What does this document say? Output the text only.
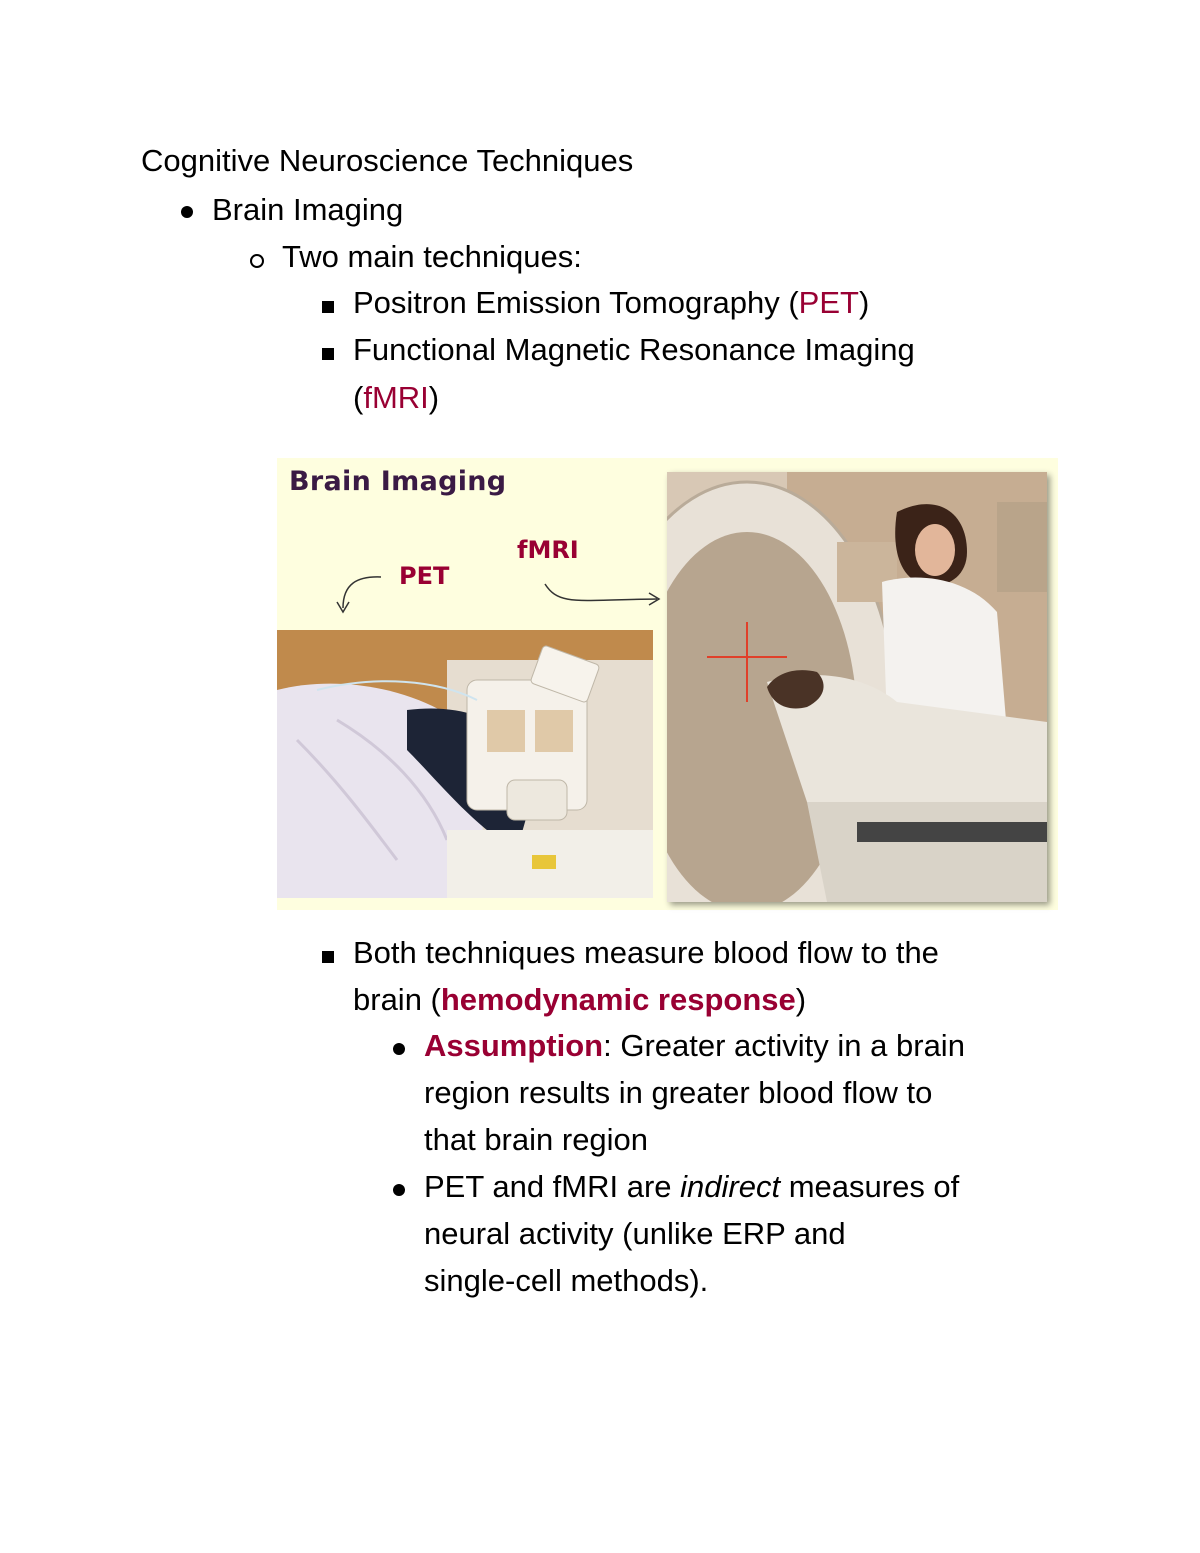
Cognitive Neuroscience Techniques
Brain Imaging
Two main techniques:
Positron Emission Tomography (PET)
Functional Magnetic Resonance Imaging
(fMRI)
Brain Imaging
PET
fMRI
Both techniques measure blood flow to the
brain (hemodynamic response)
Assumption: Greater activity in a brain
region results in greater blood flow to
that brain region
PET and fMRI are indirect measures of
neural activity (unlike ERP and
single-cell methods).
